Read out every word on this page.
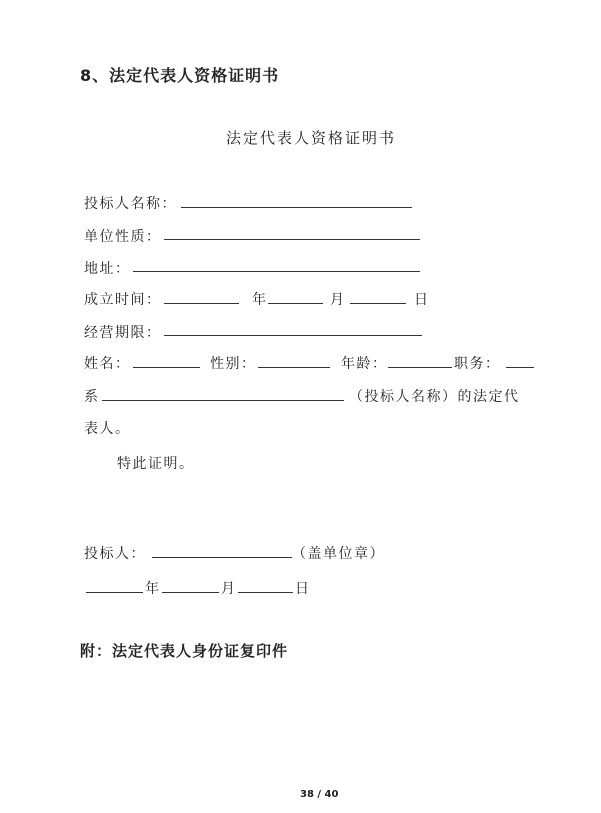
8、法定代表人资格证明书
法定代表人资格证明书
投标人名称：
单位性质：
地址：
成立时间：	年	月	日
经营期限：
姓名：	性别：	年龄：	职务：
系	（投标人名称）的法定代
表人。
特此证明。
投标人：	（盖单位章）
年	月	日
附：法定代表人身份证复印件
38 / 40
